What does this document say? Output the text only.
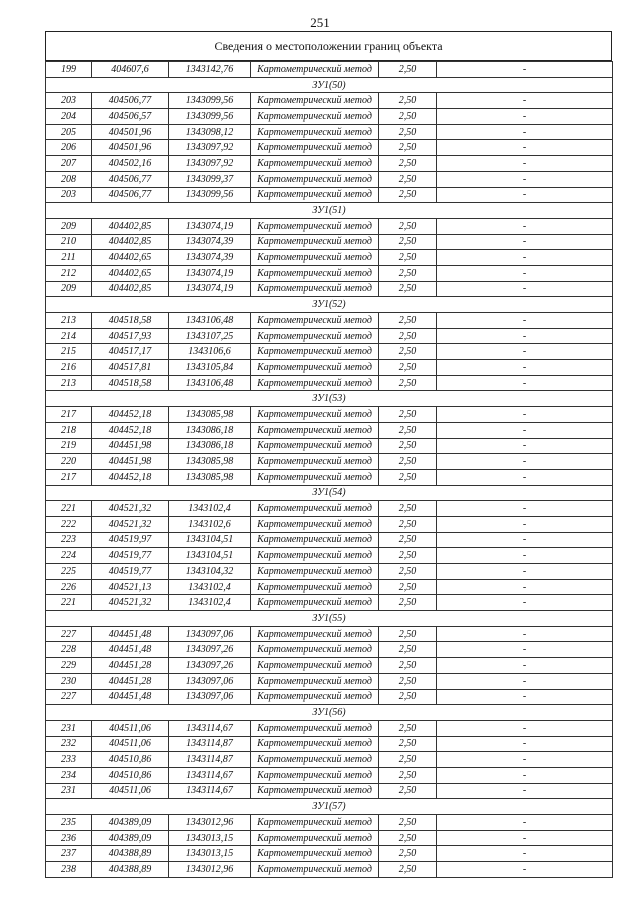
251
Сведения о местоположении границ объекта
199	404607,6	1343142,76	Картометрический метод	2,50	-
ЗУ1(50)					
203	404506,77	1343099,56	Картометрический метод	2,50	-
204	404506,57	1343099,56	Картометрический метод	2,50	-
205	404501,96	1343098,12	Картометрический метод	2,50	-
206	404501,96	1343097,92	Картометрический метод	2,50	-
207	404502,16	1343097,92	Картометрический метод	2,50	-
208	404506,77	1343099,37	Картометрический метод	2,50	-
203	404506,77	1343099,56	Картометрический метод	2,50	-
ЗУ1(51)					
209	404402,85	1343074,19	Картометрический метод	2,50	-
210	404402,85	1343074,39	Картометрический метод	2,50	-
211	404402,65	1343074,39	Картометрический метод	2,50	-
212	404402,65	1343074,19	Картометрический метод	2,50	-
209	404402,85	1343074,19	Картометрический метод	2,50	-
ЗУ1(52)					
213	404518,58	1343106,48	Картометрический метод	2,50	-
214	404517,93	1343107,25	Картометрический метод	2,50	-
215	404517,17	1343106,6	Картометрический метод	2,50	-
216	404517,81	1343105,84	Картометрический метод	2,50	-
213	404518,58	1343106,48	Картометрический метод	2,50	-
ЗУ1(53)					
217	404452,18	1343085,98	Картометрический метод	2,50	-
218	404452,18	1343086,18	Картометрический метод	2,50	-
219	404451,98	1343086,18	Картометрический метод	2,50	-
220	404451,98	1343085,98	Картометрический метод	2,50	-
217	404452,18	1343085,98	Картометрический метод	2,50	-
ЗУ1(54)					
221	404521,32	1343102,4	Картометрический метод	2,50	-
222	404521,32	1343102,6	Картометрический метод	2,50	-
223	404519,97	1343104,51	Картометрический метод	2,50	-
224	404519,77	1343104,51	Картометрический метод	2,50	-
225	404519,77	1343104,32	Картометрический метод	2,50	-
226	404521,13	1343102,4	Картометрический метод	2,50	-
221	404521,32	1343102,4	Картометрический метод	2,50	-
ЗУ1(55)					
227	404451,48	1343097,06	Картометрический метод	2,50	-
228	404451,48	1343097,26	Картометрический метод	2,50	-
229	404451,28	1343097,26	Картометрический метод	2,50	-
230	404451,28	1343097,06	Картометрический метод	2,50	-
227	404451,48	1343097,06	Картометрический метод	2,50	-
ЗУ1(56)					
231	404511,06	1343114,67	Картометрический метод	2,50	-
232	404511,06	1343114,87	Картометрический метод	2,50	-
233	404510,86	1343114,87	Картометрический метод	2,50	-
234	404510,86	1343114,67	Картометрический метод	2,50	-
231	404511,06	1343114,67	Картометрический метод	2,50	-
ЗУ1(57)					
235	404389,09	1343012,96	Картометрический метод	2,50	-
236	404389,09	1343013,15	Картометрический метод	2,50	-
237	404388,89	1343013,15	Картометрический метод	2,50	-
238	404388,89	1343012,96	Картометрический метод	2,50	-
